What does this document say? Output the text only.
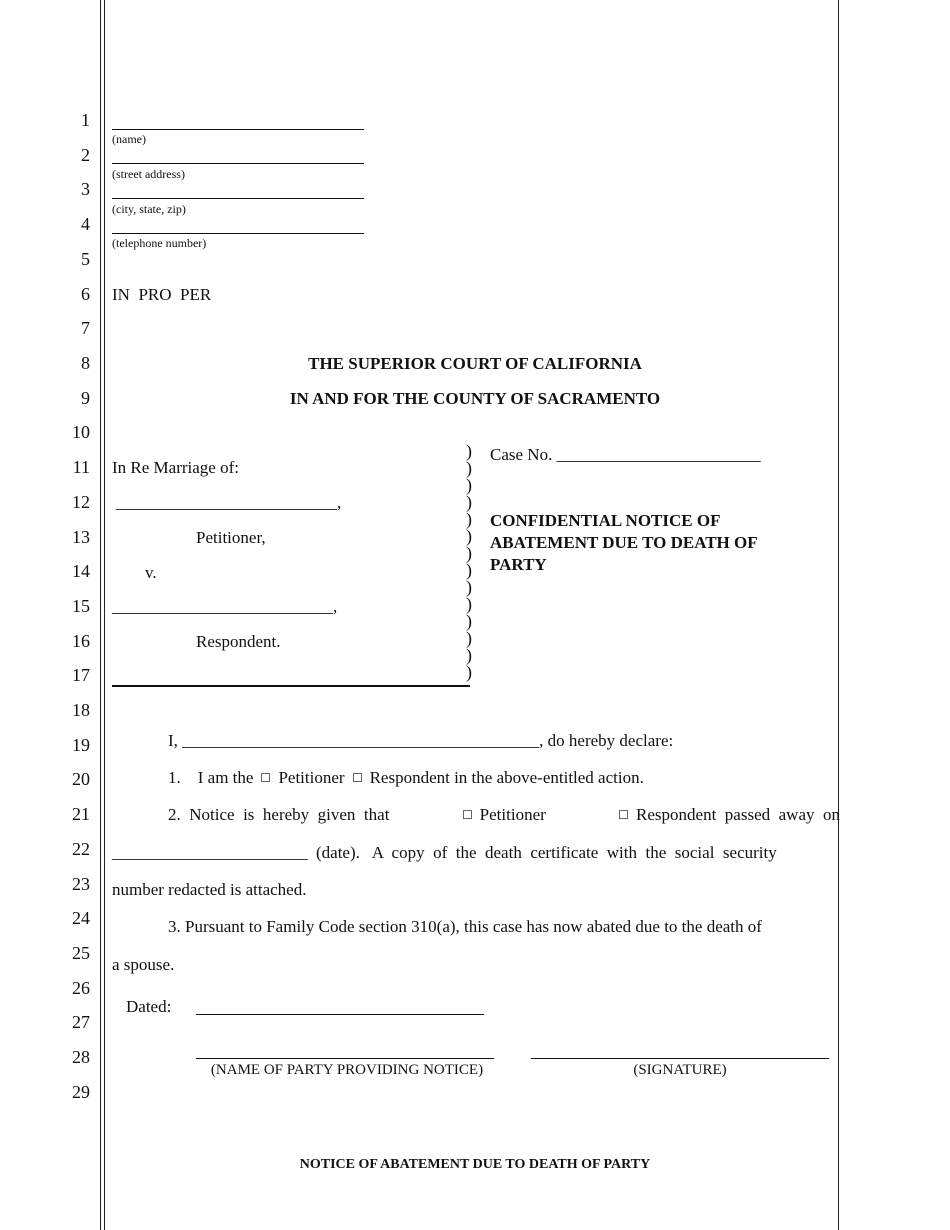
1
2
3
4
5
6
7
8
9
10
11
12
13
14
15
16
17
18
19
20
21
22
23
24
25
26
27
28
29
(name)
(street address)
(city, state, zip)
(telephone number)
IN  PRO  PER
THE SUPERIOR COURT OF CALIFORNIA
IN AND FOR THE COUNTY OF SACRAMENTO
In Re Marriage of:
__________________________,
Petitioner,
v.
__________________________,
Respondent.
)
)
)
)
)
)
)
)
)
)
)
)
)
)
Case No. ________________________
CONFIDENTIAL NOTICE OF ABATEMENT DUE TO DEATH OF PARTY
I, __________________________________________, do hereby declare:
1.    I am the Petitioner Respondent in the above-entitled action.
2.  Notice  is  hereby  given  that	Petitioner	Respondent  passed  away  on
_______________________  (date).   A  copy  of  the  death  certificate  with  the  social  security
number redacted is attached.
3. Pursuant to Family Code section 310(a), this case has now abated due to the death of
a spouse.
Dated:
(NAME OF PARTY PROVIDING NOTICE)	(SIGNATURE)
NOTICE OF ABATEMENT DUE TO DEATH OF PARTY
